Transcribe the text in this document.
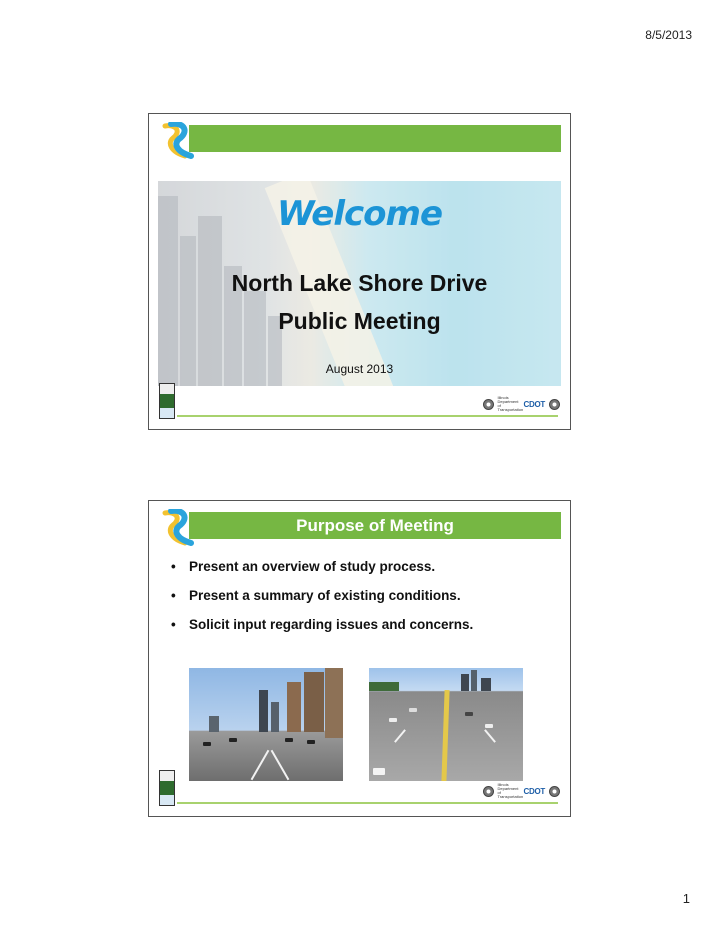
8/5/2013
Welcome
North Lake Shore Drive
Public Meeting
August 2013
Illinois Department of Transportation
CDOT
Purpose of Meeting
• Present an overview of study process.
• Present a summary of existing conditions.
• Solicit input regarding issues and concerns.
Illinois Department of Transportation
CDOT
1
